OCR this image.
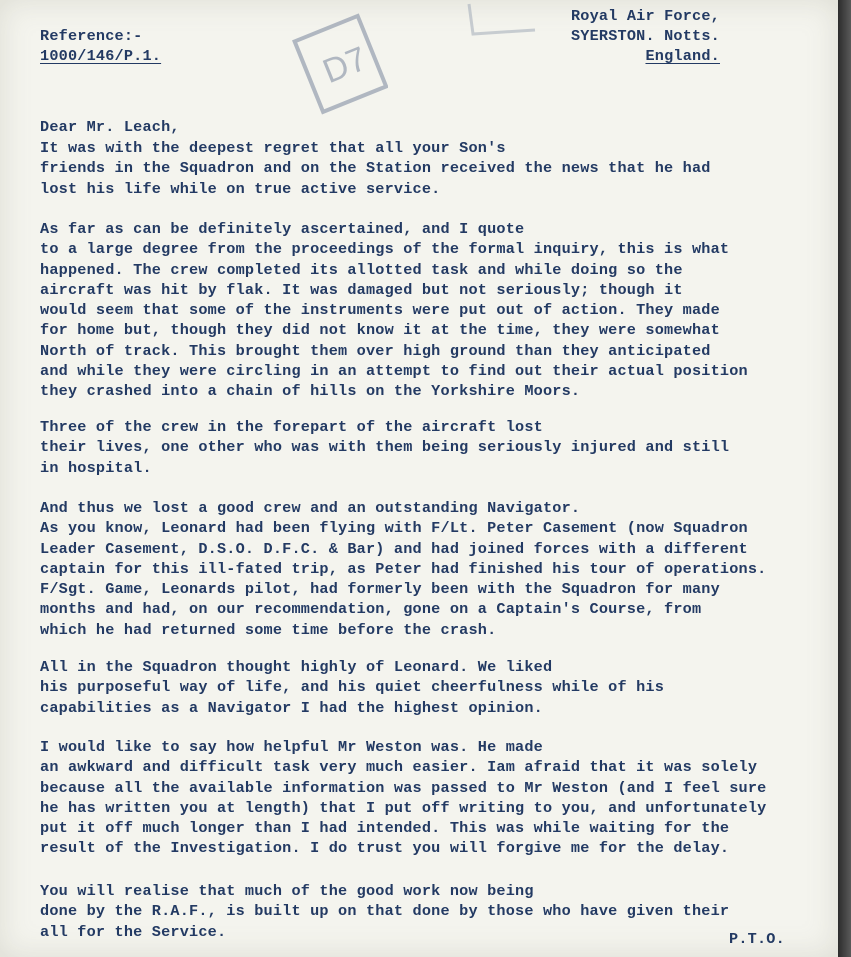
Reference:-
1000/146/P.1.	D7
Royal Air Force,
SYERSTON. Notts.
England.
Dear Mr. Leach,
It was with the deepest regret that all your Son's
friends in the Squadron and on the Station received the news that he had
lost his life while on true active service.
As far as can be definitely ascertained, and I quote
to a large degree from the proceedings of the formal inquiry, this is what
happened. The crew completed its allotted task and while doing so the
aircraft was hit by flak. It was damaged but not seriously; though it
would seem that some of the instruments were put out of action. They made
for home but, though they did not know it at the time, they were somewhat
North of track. This brought them over high ground than they anticipated
and while they were circling in an attempt to find out their actual position
they crashed into a chain of hills on the Yorkshire Moors.
Three of the crew in the forepart of the aircraft lost
their lives, one other who was with them being seriously injured and still
in hospital.
And thus we lost a good crew and an outstanding Navigator.
As you know, Leonard had been flying with F/Lt. Peter Casement (now Squadron
Leader Casement, D.S.O. D.F.C. & Bar) and had joined forces with a different
captain for this ill-fated trip, as Peter had finished his tour of operations.
F/Sgt. Game, Leonards pilot, had formerly been with the Squadron for many
months and had, on our recommendation, gone on a Captain's Course, from
which he had returned some time before the crash.
All in the Squadron thought highly of Leonard. We liked
his purposeful way of life, and his quiet cheerfulness while of his
capabilities as a Navigator I had the highest opinion.
I would like to say how helpful Mr Weston was. He made
an awkward and difficult task very much easier. Iam afraid that it was solely
because all the available information was passed to Mr Weston (and I feel sure
he has written you at length) that I put off writing to you, and unfortunately
put it off much longer than I had intended. This was while waiting for the
result of the Investigation. I do trust you will forgive me for the delay.
You will realise that much of the good work now being
done by the R.A.F., is built up on that done by those who have given their
all for the Service.	P.T.O.
